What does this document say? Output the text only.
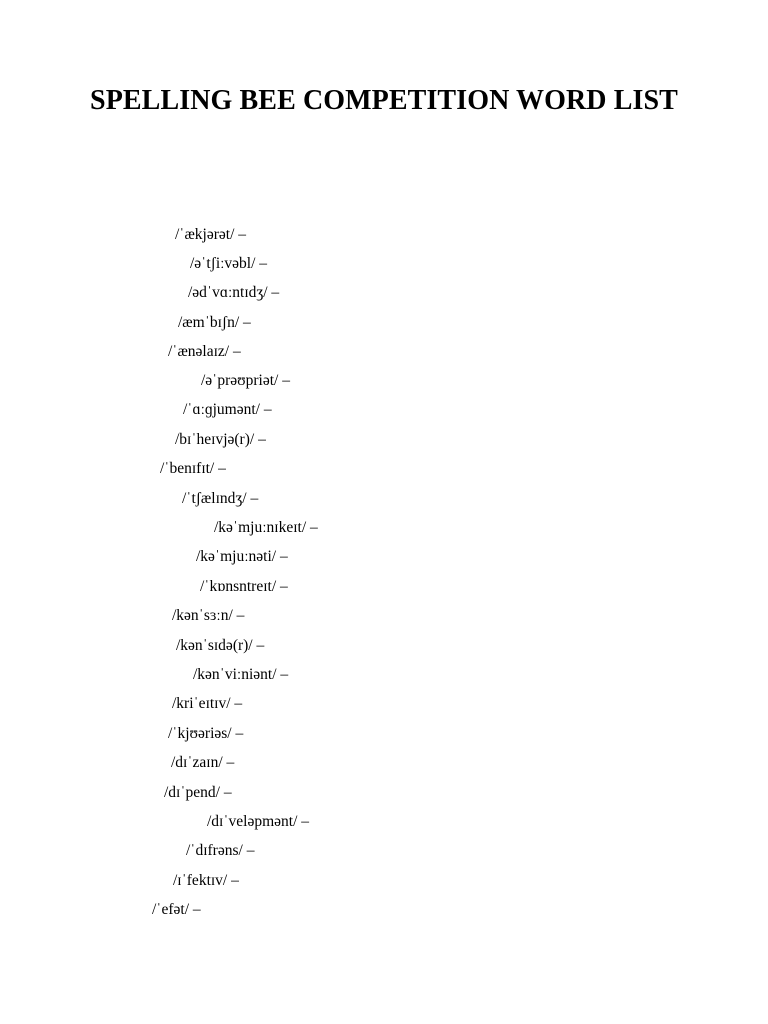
SPELLING BEE COMPETITION WORD LIST
/ˈækjərət/ –
/əˈtʃiːvəbl/ –
/ədˈvɑːntɪdʒ/ –
/æmˈbɪʃn/ –
/ˈænəlaɪz/ –
/əˈprəʊpriət/ –
/ˈɑːɡjumənt/ –
/bɪˈheɪvjə(r)/ –
/ˈbenɪfɪt/ –
/ˈtʃælɪndʒ/ –
/kəˈmjuːnɪkeɪt/ –
/kəˈmjuːnəti/ –
/ˈkɒnsntreɪt/ –
/kənˈsɜːn/ –
/kənˈsɪdə(r)/ –
/kənˈviːniənt/ –
/kriˈeɪtɪv/ –
/ˈkjʊəriəs/ –
/dɪˈzaɪn/ –
/dɪˈpend/ –
/dɪˈveləpmənt/ –
/ˈdɪfrəns/ –
/ɪˈfektɪv/ –
/ˈefət/ –
